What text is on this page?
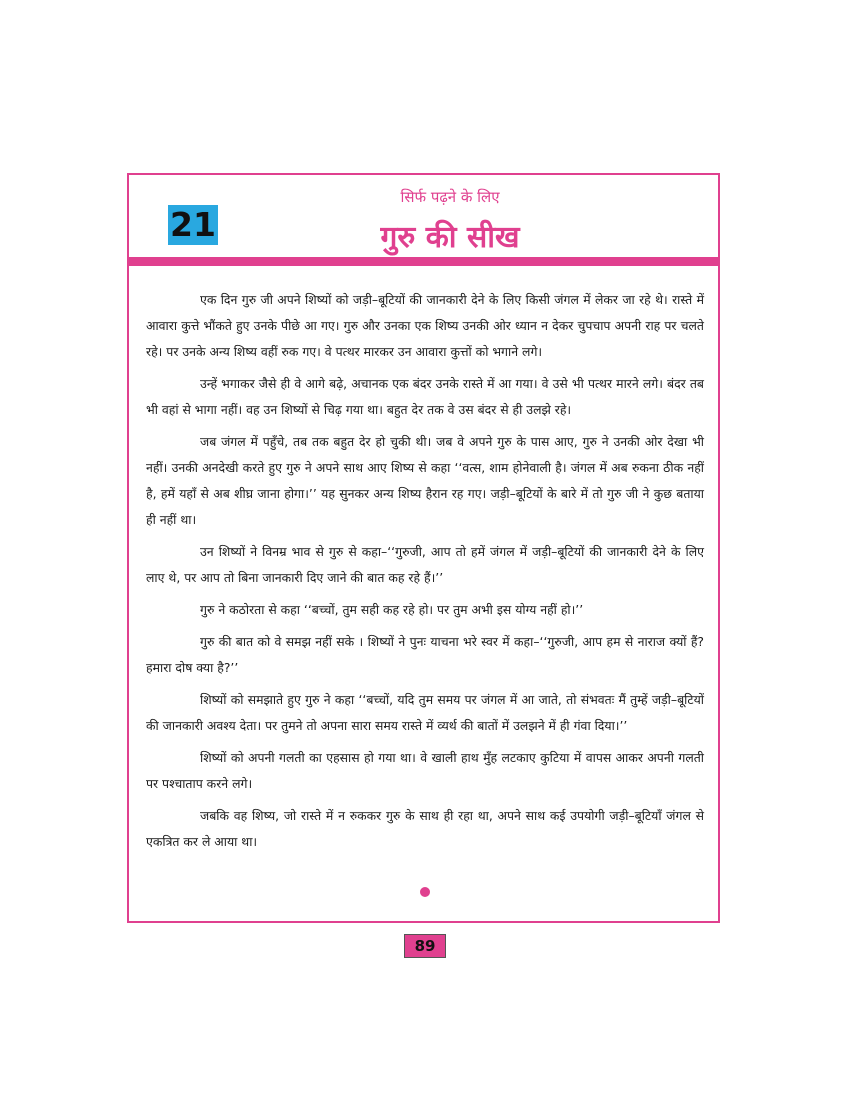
21
सिर्फ पढ़ने के लिए
गुरु की सीख

एक दिन गुरु जी अपने शिष्यों को जड़ी–बूटियों की जानकारी देने के लिए किसी जंगल में लेकर जा रहे थे। रास्ते में आवारा कुत्ते भौंकते हुए उनके पीछे आ गए। गुरु और उनका एक शिष्य उनकी ओर ध्यान न देकर चुपचाप अपनी राह पर चलते रहे। पर उनके अन्य शिष्य वहीं रुक गए। वे पत्थर मारकर उन आवारा कुत्तों को भगाने लगे।

उन्हें भगाकर जैसे ही वे आगे बढ़े, अचानक एक बंदर उनके रास्ते में आ गया। वे उसे भी पत्थर मारने लगे। बंदर तब भी वहां से भागा नहीं। वह उन शिष्यों से चिढ़ गया था। बहुत देर तक वे उस बंदर से ही उलझे रहे।

जब जंगल में पहुँचे, तब तक बहुत देर हो चुकी थी। जब वे अपने गुरु के पास आए, गुरु ने उनकी ओर देखा भी नहीं। उनकी अनदेखी करते हुए गुरु ने अपने साथ आए शिष्य से कहा ‘‘वत्स, शाम होनेवाली है। जंगल में अब रुकना ठीक नहीं है, हमें यहाँ से अब शीघ्र जाना होगा।’’ यह सुनकर अन्य शिष्य हैरान रह गए। जड़ी–बूटियों के बारे में तो गुरु जी ने कुछ बताया ही नहीं था।

उन शिष्यों ने विनम्र भाव से गुरु से कहा–‘‘गुरुजी, आप तो हमें जंगल में जड़ी–बूटियों की जानकारी देने के लिए लाए थे, पर आप तो बिना जानकारी दिए जाने की बात कह रहे हैं।’’

गुरु ने कठोरता से कहा ‘‘बच्चों, तुम सही कह रहे हो। पर तुम अभी इस योग्य नहीं हो।’’

गुरु की बात को वे समझ नहीं सके । शिष्यों ने पुनः याचना भरे स्वर में कहा–‘‘गुरुजी, आप हम से नाराज क्यों हैं? हमारा दोष क्या है?’’

शिष्यों को समझाते हुए गुरु ने कहा ‘‘बच्चों, यदि तुम समय पर जंगल में आ जाते, तो संभवतः मैं तुम्हें जड़ी–बूटियों की जानकारी अवश्य देता। पर तुमने तो अपना सारा समय रास्ते में व्यर्थ की बातों में उलझने में ही गंवा दिया।’’

शिष्यों को अपनी गलती का एहसास हो गया था। वे खाली हाथ मुँह लटकाए कुटिया में वापस आकर अपनी गलती पर पश्चाताप करने लगे।

जबकि वह शिष्य, जो रास्ते में न रुककर गुरु के साथ ही रहा था, अपने साथ कई उपयोगी जड़ी–बूटियाँ जंगल से एकत्रित कर ले आया था।

89
